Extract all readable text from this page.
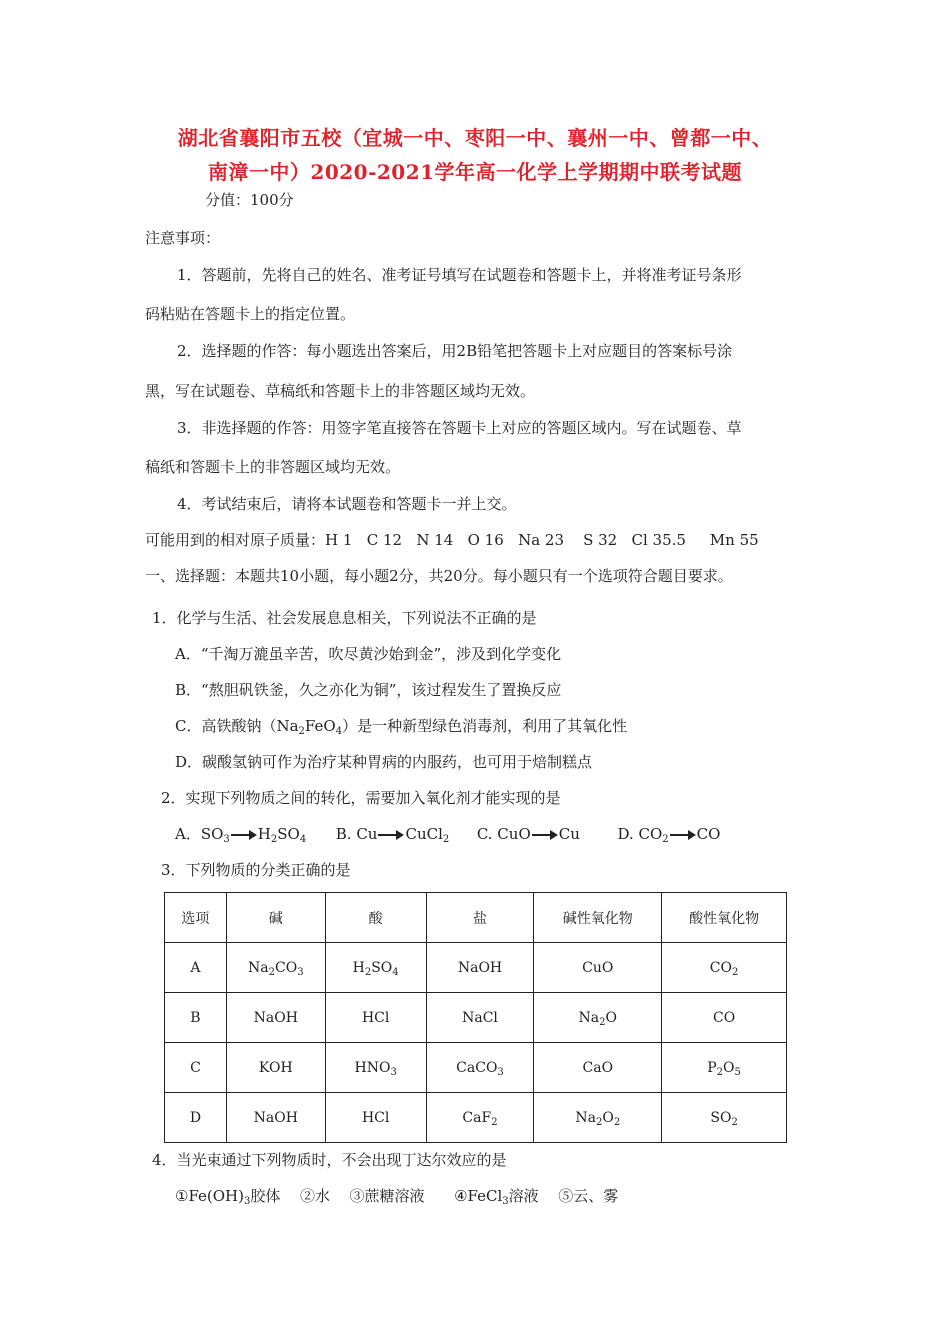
湖北省襄阳市五校（宜城一中、枣阳一中、襄州一中、曾都一中、
南漳一中）2020-2021学年高一化学上学期期中联考试题
分值：100分
注意事项：
1．答题前，先将自己的姓名、准考证号填写在试题卷和答题卡上，并将准考证号条形
码粘贴在答题卡上的指定位置。
2．选择题的作答：每小题选出答案后，用2B铅笔把答题卡上对应题目的答案标号涂
黑，写在试题卷、草稿纸和答题卡上的非答题区域均无效。
3．非选择题的作答：用签字笔直接答在答题卡上对应的答题区域内。写在试题卷、草
稿纸和答题卡上的非答题区域均无效。
4．考试结束后，请将本试题卷和答题卡一并上交。
可能用到的相对原子质量：H 1   C 12   N 14   O 16   Na 23    S 32   Cl 35.5     Mn 55
一、选择题：本题共10小题，每小题2分，共20分。每小题只有一个选项符合题目要求。
1．化学与生活、社会发展息息相关，下列说法不正确的是
A．“千淘万漉虽辛苦，吹尽黄沙始到金”，涉及到化学变化
B．“熬胆矾铁釜，久之亦化为铜”，该过程发生了置换反应
C．高铁酸钠$(Na_2FeO_4)$是一种新型绿色消毒剂，利用了其氧化性
D．碳酸氢钠可作为治疗某种胃病的内服药，也可用于焙制糕点
2．实现下列物质之间的转化，需要加入氧化剂才能实现的是
A．$SO_3$ $H_2SO_4$ B. Cu CuCl$_2$ C. CuO Cu	D. $CO_2$ CO
3．下列物质的分类正确的是
选项	碱	酸	盐	碱性氧化物	酸性氧化物
A	$Na_2CO_3$	$H_2SO_4$	NaOH	CuO	$CO_2$
B	NaOH	HCl	NaCl	$Na_2O$	CO
C	KOH	$HNO_3$	CaCO$_3$	CaO	$P_2O_5$
D	NaOH	HCl	CaF$_2$	$Na_2O_2$	$SO_2$
4．当光束通过下列物质时，不会出现丁达尔效应的是
$①Fe(OH)_3$胶体 ②水 ③蔗糖溶液 ④FeCl$_3$溶液 ⑤云、雾
